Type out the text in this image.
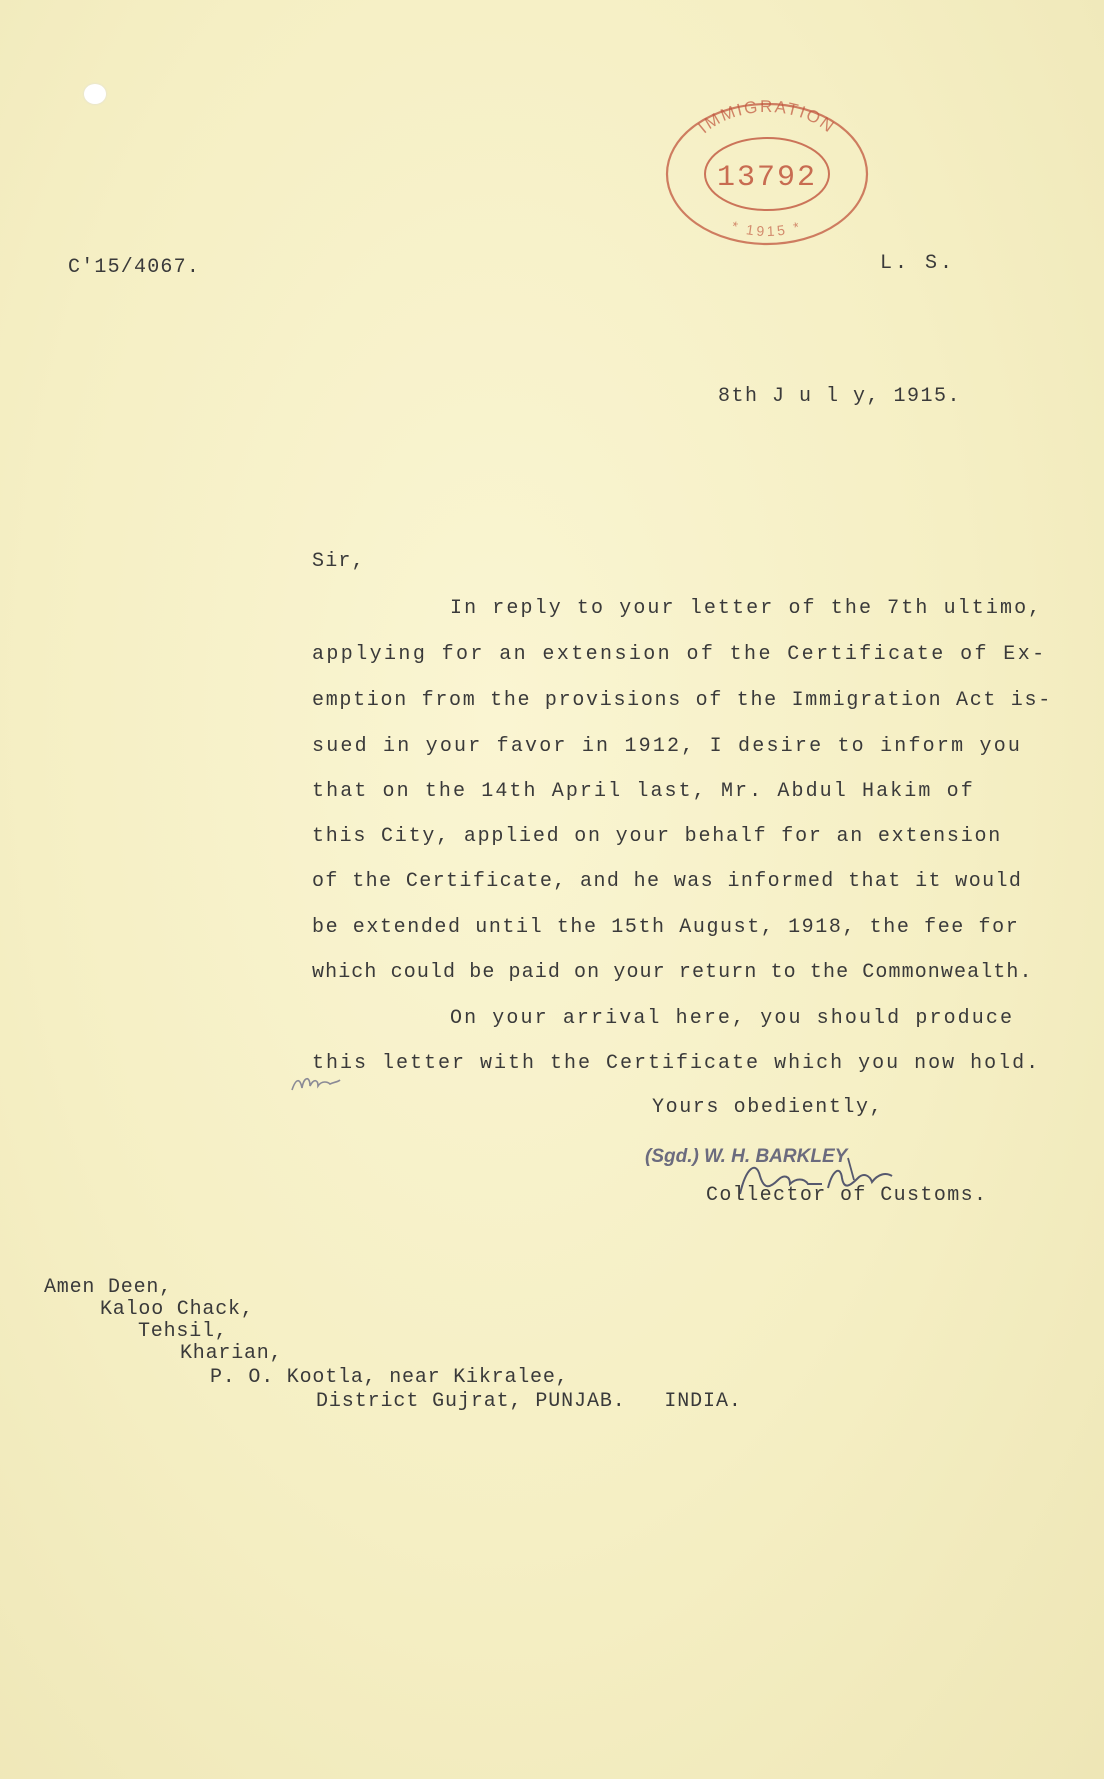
IMMIGRATION
13792
* 1915 *
C'15/4067.	L. S.
8th J u l y, 1915.
Sir,
In reply to your letter of the 7th ultimo,
applying for an extension of the Certificate of Ex-
emption from the provisions of the Immigration Act is-
sued in your favor in 1912, I desire to inform you
that on the 14th April last, Mr. Abdul Hakim of
this City, applied on your behalf for an extension
of the Certificate, and he was informed that it would
be extended until the 15th August, 1918, the fee for
which could be paid on your return to the Commonwealth.
On your arrival here, you should produce
this letter with the Certificate which you now hold.
Yours obediently,
(Sgd.) W. H. BARKLEY
Collector of Customs.
Amen Deen,
Kaloo Chack,
Tehsil,
Kharian,
P. O. Kootla, near Kikralee,
District Gujrat, PUNJAB.   INDIA.
